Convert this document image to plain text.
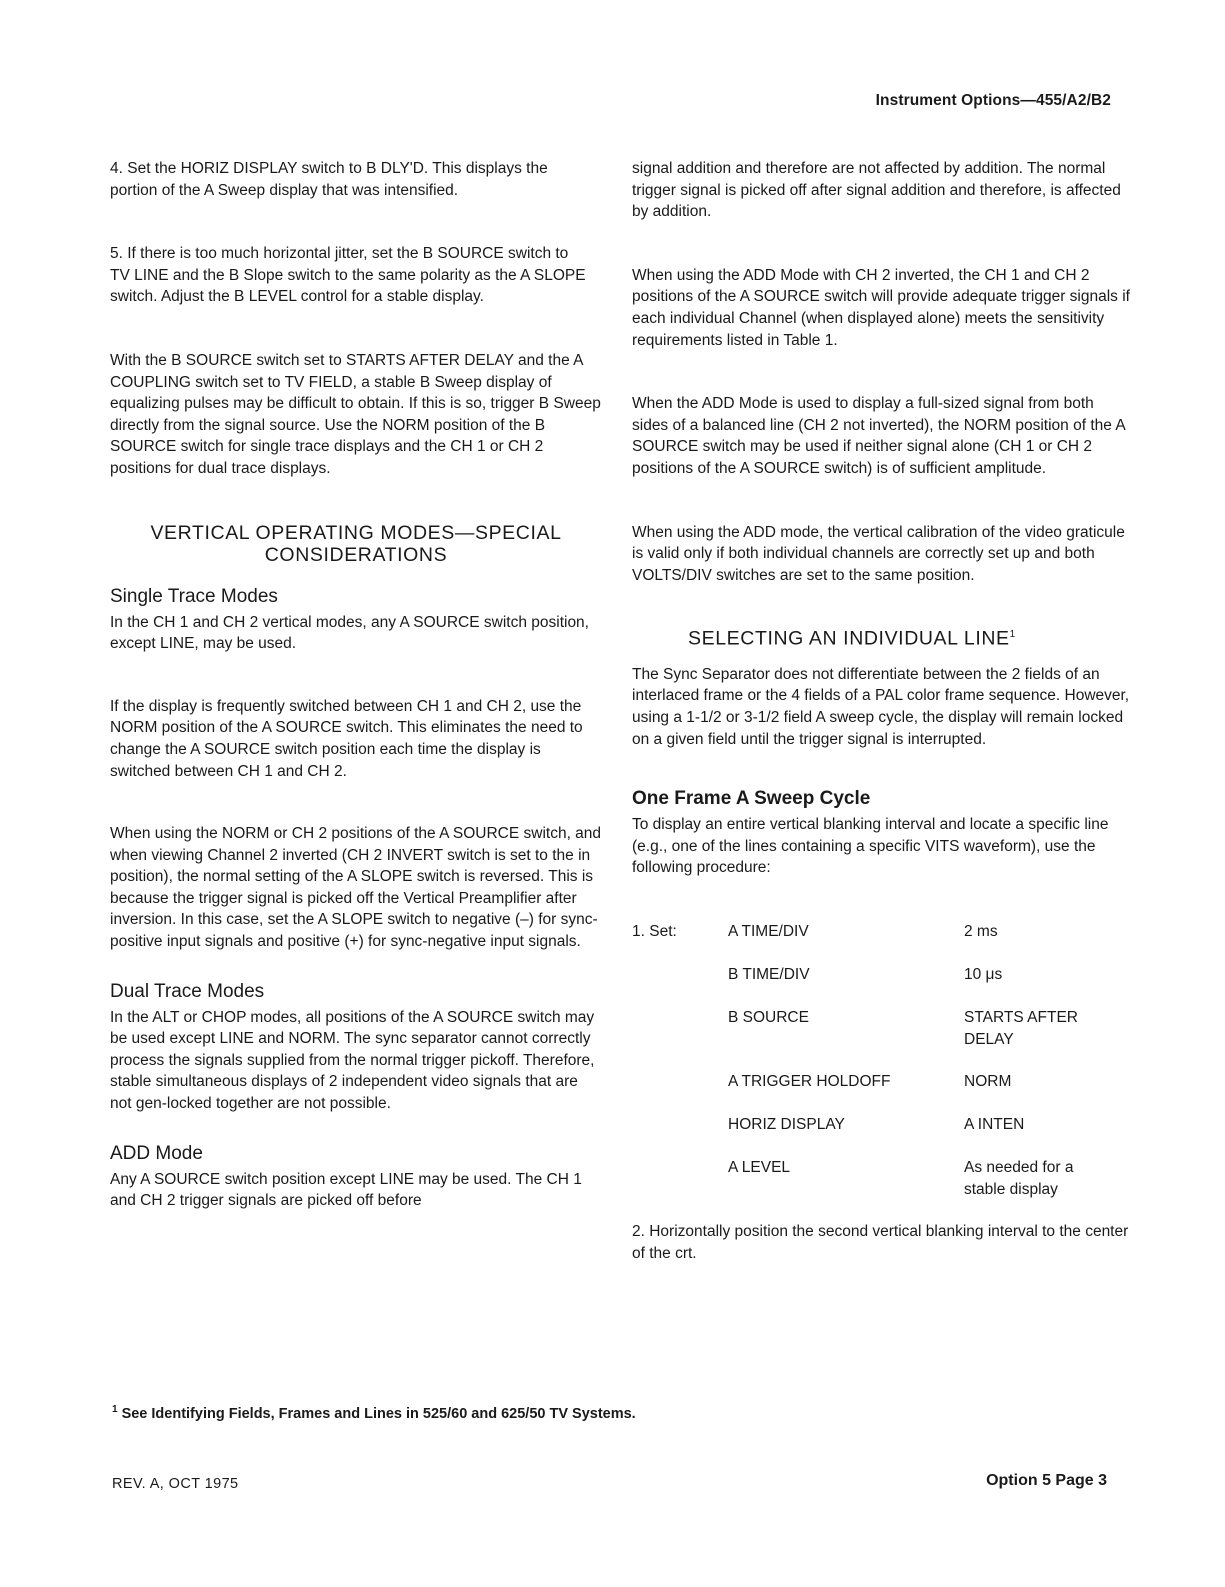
Instrument Options—455/A2/B2

4. Set the HORIZ DISPLAY switch to B DLY'D. This displays the portion of the A Sweep display that was intensified.

5. If there is too much horizontal jitter, set the B SOURCE switch to TV LINE and the B Slope switch to the same polarity as the A SLOPE switch. Adjust the B LEVEL control for a stable display.

With the B SOURCE switch set to STARTS AFTER DELAY and the A COUPLING switch set to TV FIELD, a stable B Sweep display of equalizing pulses may be difficult to obtain. If this is so, trigger B Sweep directly from the signal source. Use the NORM position of the B SOURCE switch for single trace displays and the CH 1 or CH 2 positions for dual trace displays.

VERTICAL OPERATING MODES—SPECIAL
CONSIDERATIONS
Single Trace Modes

In the CH 1 and CH 2 vertical modes, any A SOURCE switch position, except LINE, may be used.

If the display is frequently switched between CH 1 and CH 2, use the NORM position of the A SOURCE switch. This eliminates the need to change the A SOURCE switch position each time the display is switched between CH 1 and CH 2.

When using the NORM or CH 2 positions of the A SOURCE switch, and when viewing Channel 2 inverted (CH 2 INVERT switch is set to the in position), the normal setting of the A SLOPE switch is reversed. This is because the trigger signal is picked off the Vertical Preamplifier after inversion. In this case, set the A SLOPE switch to negative (–) for sync-positive input signals and positive (+) for sync-negative input signals.

Dual Trace Modes

In the ALT or CHOP modes, all positions of the A SOURCE switch may be used except LINE and NORM. The sync separator cannot correctly process the signals supplied from the normal trigger pickoff. Therefore, stable simultaneous displays of 2 independent video signals that are not gen-locked together are not possible.

ADD Mode

Any A SOURCE switch position except LINE may be used. The CH 1 and CH 2 trigger signals are picked off before

signal addition and therefore are not affected by addition. The normal trigger signal is picked off after signal addition and therefore, is affected by addition.

When using the ADD Mode with CH 2 inverted, the CH 1 and CH 2 positions of the A SOURCE switch will provide adequate trigger signals if each individual Channel (when displayed alone) meets the sensitivity requirements listed in Table 1.

When the ADD Mode is used to display a full-sized signal from both sides of a balanced line (CH 2 not inverted), the NORM position of the A SOURCE switch may be used if neither signal alone (CH 1 or CH 2 positions of the A SOURCE switch) is of sufficient amplitude.

When using the ADD mode, the vertical calibration of the video graticule is valid only if both individual channels are correctly set up and both VOLTS/DIV switches are set to the same position.

SELECTING AN INDIVIDUAL LINE$^1$

The Sync Separator does not differentiate between the 2 fields of an interlaced frame or the 4 fields of a PAL color frame sequence. However, using a 1-1/2 or 3-1/2 field A sweep cycle, the display will remain locked on a given field until the trigger signal is interrupted.

One Frame A Sweep Cycle

To display an entire vertical blanking interval and locate a specific line (e.g., one of the lines containing a specific VITS waveform), use the following procedure:

1. Set:	A TIME/DIV	2 ms
B TIME/DIV	10 μs
B SOURCE	STARTS AFTER DELAY
A TRIGGER HOLDOFF	NORM
HORIZ DISPLAY	A INTEN
A LEVEL	As needed for a stable display

2. Horizontally position the second vertical blanking interval to the center of the crt.

$^1$ See Identifying Fields, Frames and Lines in 525/60 and 625/50 TV Systems.
REV. A, OCT 1975	Option 5 Page 3
